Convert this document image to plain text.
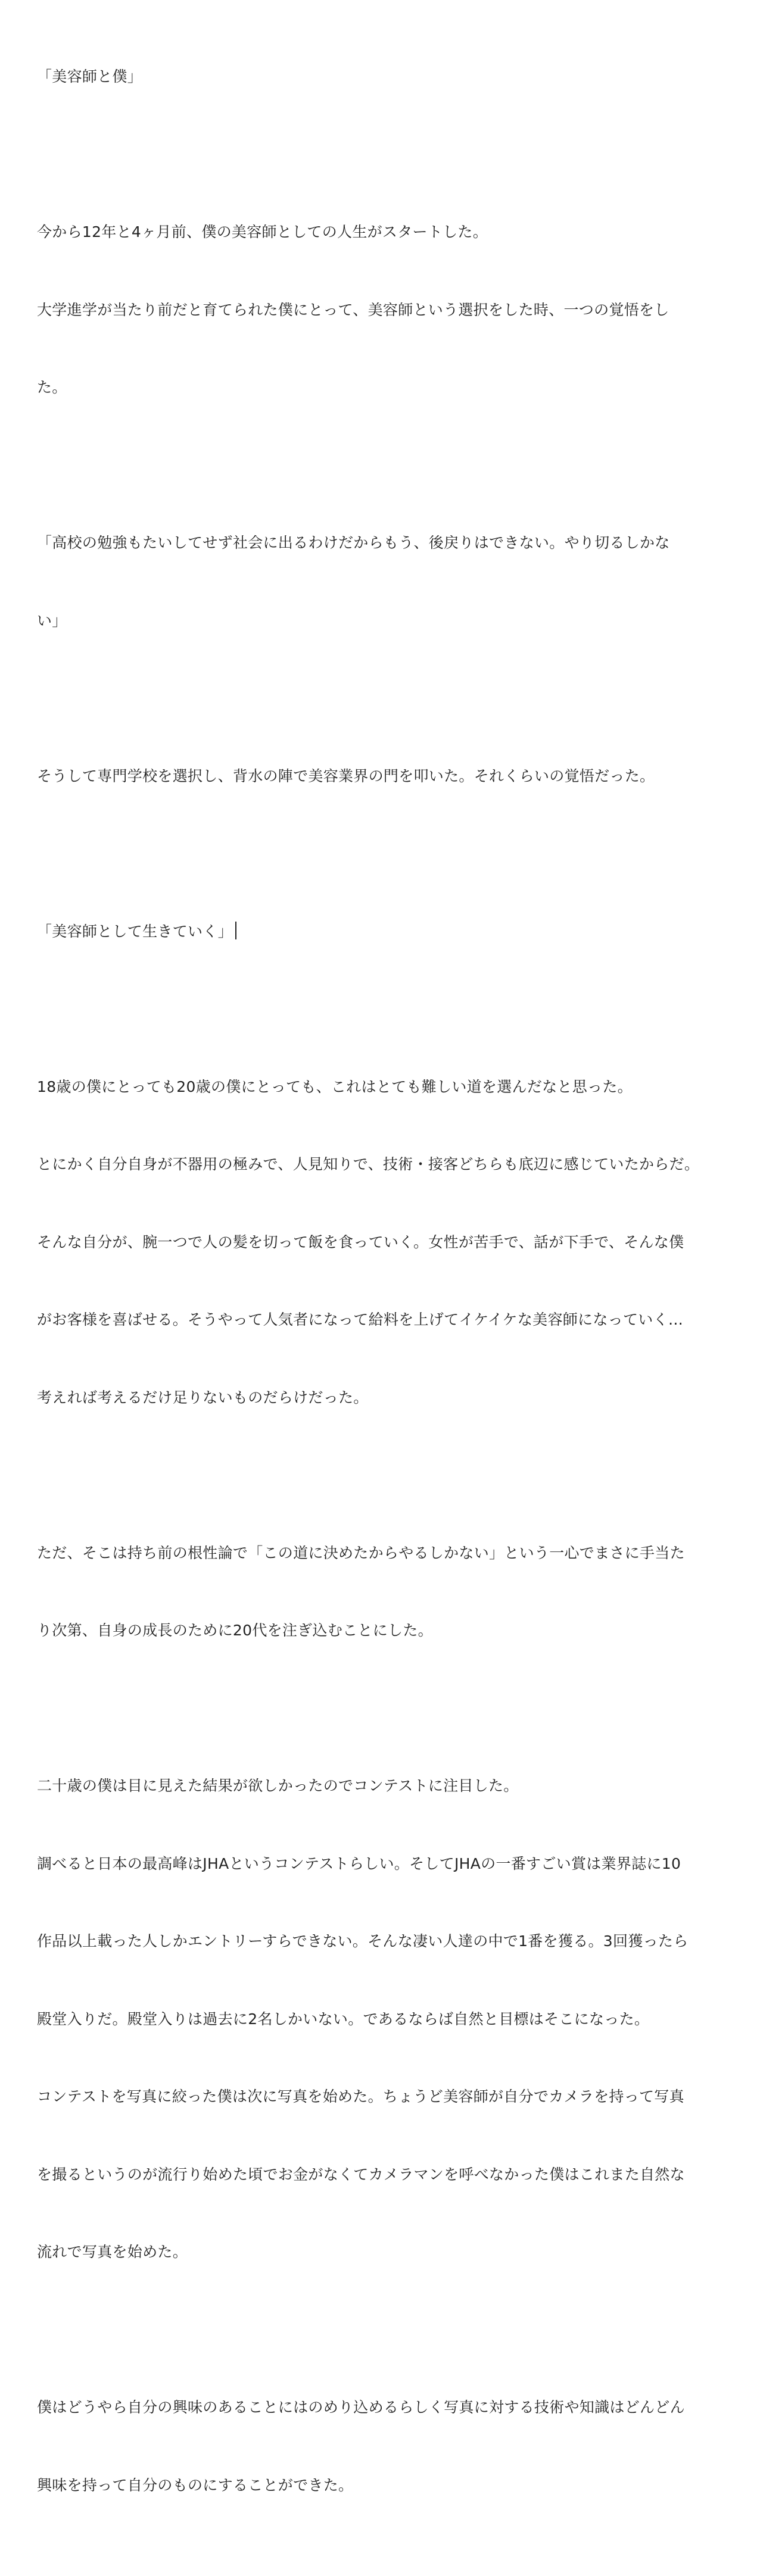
「美容師と僕」

今から12年と4ヶ月前、僕の美容師としての人生がスタートした。

大学進学が当たり前だと育てられた僕にとって、美容師という選択をした時、一つの覚悟をし

た。

「高校の勉強もたいしてせず社会に出るわけだからもう、後戻りはできない。やり切るしかな

い」

そうして専門学校を選択し、背水の陣で美容業界の門を叩いた。それくらいの覚悟だった。

「美容師として生きていく」

18歳の僕にとっても20歳の僕にとっても、これはとても難しい道を選んだなと思った。

とにかく自分自身が不器用の極みで、人見知りで、技術・接客どちらも底辺に感じていたからだ。

そんな自分が、腕一つで人の髪を切って飯を食っていく。女性が苦手で、話が下手で、そんな僕

がお客様を喜ばせる。そうやって人気者になって給料を上げてイケイケな美容師になっていく…

考えれば考えるだけ足りないものだらけだった。

ただ、そこは持ち前の根性論で「この道に決めたからやるしかない」という一心でまさに手当た

り次第、自身の成長のために20代を注ぎ込むことにした。

二十歳の僕は目に見えた結果が欲しかったのでコンテストに注目した。

調べると日本の最高峰はJHAというコンテストらしい。そしてJHAの一番すごい賞は業界誌に10

作品以上載った人しかエントリーすらできない。そんな凄い人達の中で1番を獲る。3回獲ったら

殿堂入りだ。殿堂入りは過去に2名しかいない。であるならば自然と目標はそこになった。

コンテストを写真に絞った僕は次に写真を始めた。ちょうど美容師が自分でカメラを持って写真

を撮るというのが流行り始めた頃でお金がなくてカメラマンを呼べなかった僕はこれまた自然な

流れで写真を始めた。

僕はどうやら自分の興味のあることにはのめり込めるらしく写真に対する技術や知識はどんどん

興味を持って自分のものにすることができた。
